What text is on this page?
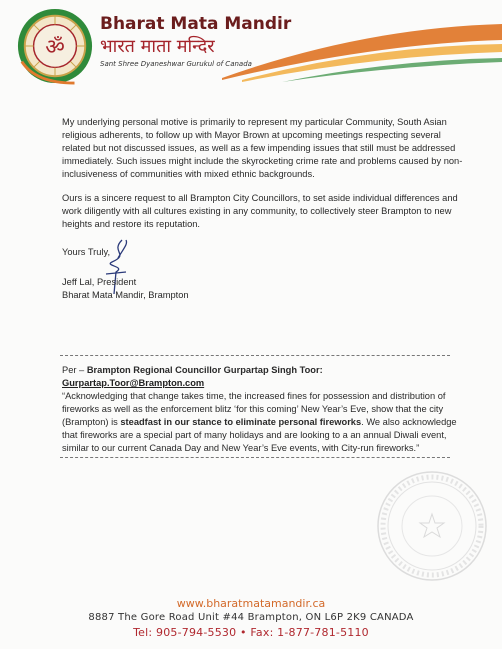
ॐ
Bharat Mata Mandir
भारत माता मन्दिर
Sant Shree Dyaneshwar Gurukul of Canada

My underlying personal motive is primarily to represent my particular Community, South Asian religious adherents, to follow up with Mayor Brown at upcoming meetings respecting several related but not discussed issues, as well as a few impending issues that still must be addressed immediately. Such issues might include the skyrocketing crime rate and problems caused by non-inclusiveness of communities with mixed ethnic backgrounds.

Ours is a sincere request to all Brampton City Councillors, to set aside individual differences and work diligently with all cultures existing in any community, to collectively steer Brampton to new heights and restore its reputation.

Yours Truly,

Jeff Lal, President
Bharat Mata Mandir, Brampton

Per – Brampton Regional Councillor Gurpartap Singh Toor: Gurpartap.Toor@Brampton.com

“Acknowledging that change takes time, the increased fines for possession and distribution of fireworks as well as the enforcement blitz ‘for this coming’ New Year’s Eve, show that the city (Brampton) is steadfast in our stance to eliminate personal fireworks. We also acknowledge that fireworks are a special part of many holidays and are looking to a an annual Diwali event, similar to our current Canada Day and New Year’s Eve events, with City-run fireworks.”

www.bharatmatamandir.ca

8887 The Gore Road Unit #44 Brampton, ON L6P 2K9 CANADA

Tel: 905-794-5530 • Fax: 1-877-781-5110
